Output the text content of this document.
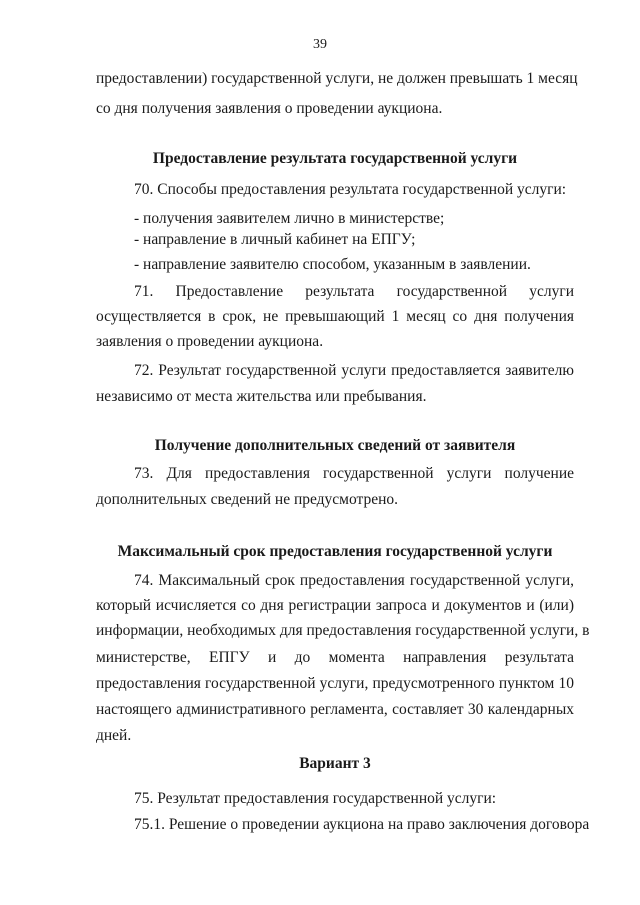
39
предоставлении) государственной услуги, не должен превышать 1 месяц
со дня получения заявления о проведении аукциона.
Предоставление результата государственной услуги
70. Способы предоставления результата государственной услуги:
- получения заявителем лично в министерстве;
- направление в личный кабинет на ЕПГУ;
- направление заявителю способом, указанным в заявлении.
71. Предоставление результата государственной услуги
осуществляется в срок, не превышающий 1 месяц со дня получения
заявления о проведении аукциона.
72. Результат государственной услуги предоставляется заявителю
независимо от места жительства или пребывания.
Получение дополнительных сведений от заявителя
73. Для предоставления государственной услуги получение
дополнительных сведений не предусмотрено.
Максимальный срок предоставления государственной услуги
74. Максимальный срок предоставления государственной услуги,
который исчисляется со дня регистрации запроса и документов и (или)
информации, необходимых для предоставления государственной услуги, в
министерстве, ЕПГУ и до момента направления результата
предоставления государственной услуги, предусмотренного пунктом 10
настоящего административного регламента, составляет 30 календарных
дней.
Вариант 3
75. Результат предоставления государственной услуги:
75.1. Решение о проведении аукциона на право заключения договора
